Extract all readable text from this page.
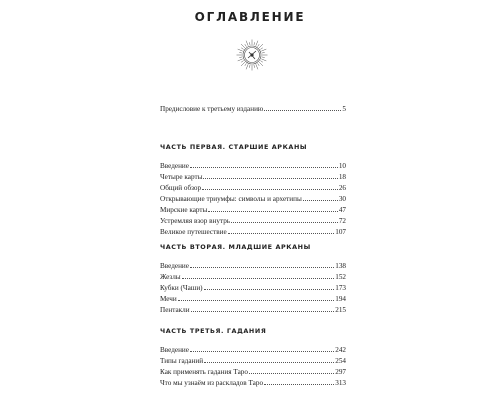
ОГЛАВЛЕНИЕ
Предисловие к третьему изданию	5
ЧАСТЬ ПЕРВАЯ. СТАРШИЕ АРКАНЫ
Введение	10
Четыре карты	18
Общий обзор	26
Открывающие триумфы: символы и архетипы	30
Мирские карты	47
Устремляя взор внутрь	72
Великое путешествие	107
ЧАСТЬ ВТОРАЯ. МЛАДШИЕ АРКАНЫ
Введение	138
Жезлы	152
Кубки (Чаши)	173
Мечи	194
Пентакли	215
ЧАСТЬ ТРЕТЬЯ. ГАДАНИЯ
Введение	242
Типы гаданий	254
Как применять гадания Таро	297
Что мы узнаём из раскладов Таро	313
